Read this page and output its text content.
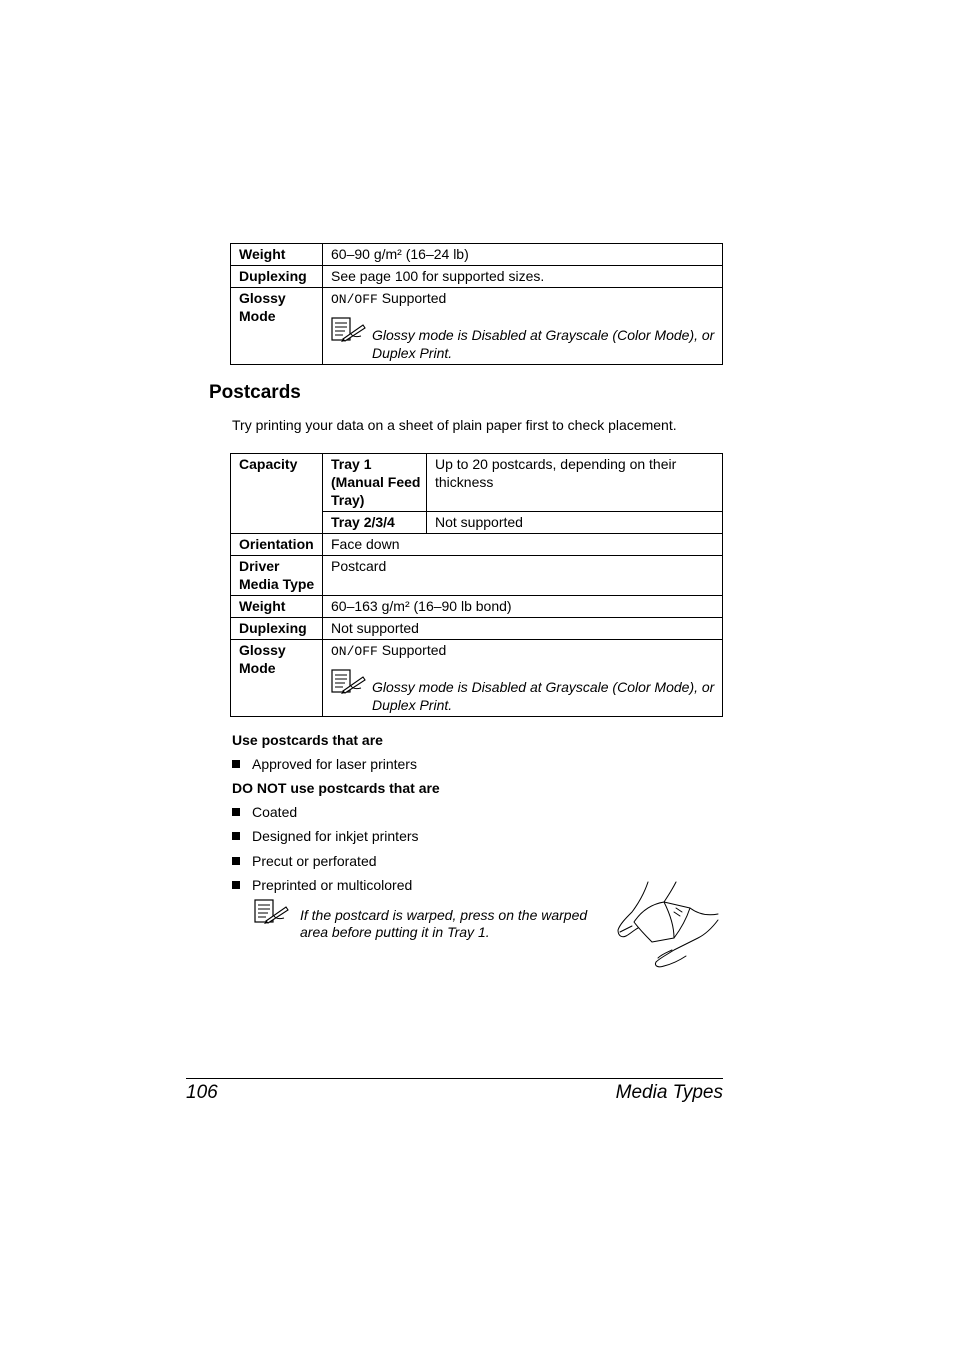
Weight	60–90 g/m² (16–24 lb)
Duplexing	See page 100 for supported sizes.
Glossy Mode	ON/OFF Supported
Glossy mode is Disabled at Grayscale (Color Mode), or Duplex Print.
Postcards
Try printing your data on a sheet of plain paper first to check placement.
Capacity	Tray 1 (Manual Feed Tray)	Up to 20 postcards, depending on their thickness
	Tray 2/3/4	Not supported
Orientation	Face down	
Driver Media Type	Postcard	
Weight	60–163 g/m² (16–90 lb bond)	
Duplexing	Not supported	
Glossy Mode	ON/OFF Supported
Glossy mode is Disabled at Grayscale (Color Mode), or Duplex Print.	
Use postcards that are
Approved for laser printers
DO NOT use postcards that are
Coated
Designed for inkjet printers
Precut or perforated
Preprinted or multicolored
If the postcard is warped, press on the warped area before putting it in Tray 1.
106	Media Types
